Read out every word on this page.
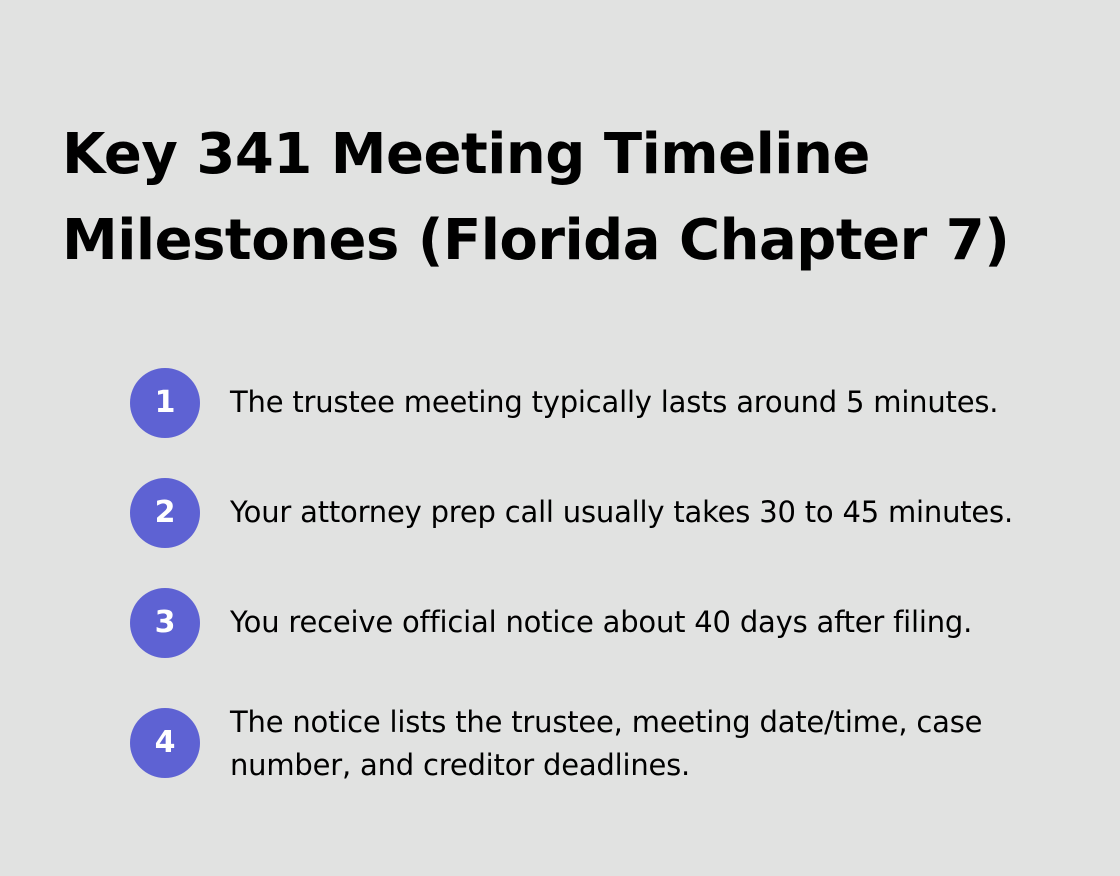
Key 341 Meeting Timeline
Milestones (Florida Chapter 7)
1	The trustee meeting typically lasts around 5 minutes.
2	Your attorney prep call usually takes 30 to 45 minutes.
3	You receive official notice about 40 days after filing.
4
The notice lists the trustee, meeting date/time, case number, and creditor deadlines.
